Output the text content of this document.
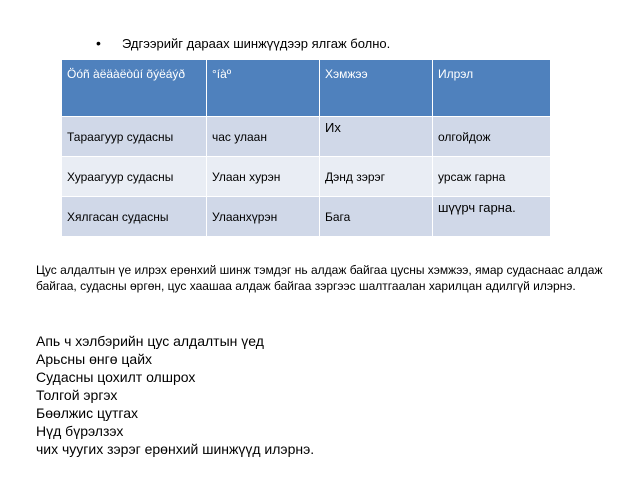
• Эдгээрийг дараах шинжүүдээр ялгаж болно.
Öóñ àëäàëòûí õýëáýð	°íàº	Хэмжээ	Илрэл
Тараагуур судасны	час улаан	Их	олгойдож
Хураагуур судасны	Улаан хурэн	Дэнд зэрэг	урсаж гарна
Хялгасан судасны	Улаанхүрэн	Бага	шүүрч гарна.
Цус алдалтын үе илрэх ерөнхий шинж тэмдэг нь алдаж байгаа цусны хэмжээ, ямар судаснаас алдаж байгаа, судасны өргөн, цус хаашаа алдаж байгаа зэргээс шалтгаалан харилцан адилгүй илэрнэ.
Апь ч хэлбэрийн цус алдалтын үед
Арьсны өнгө цайх
Судасны цохилт олшрох
Толгой эргэх
Бөөлжис цутгах
Нүд бүрэлзэх
чих чуугих зэрэг ерөнхий шинжүүд илэрнэ.
